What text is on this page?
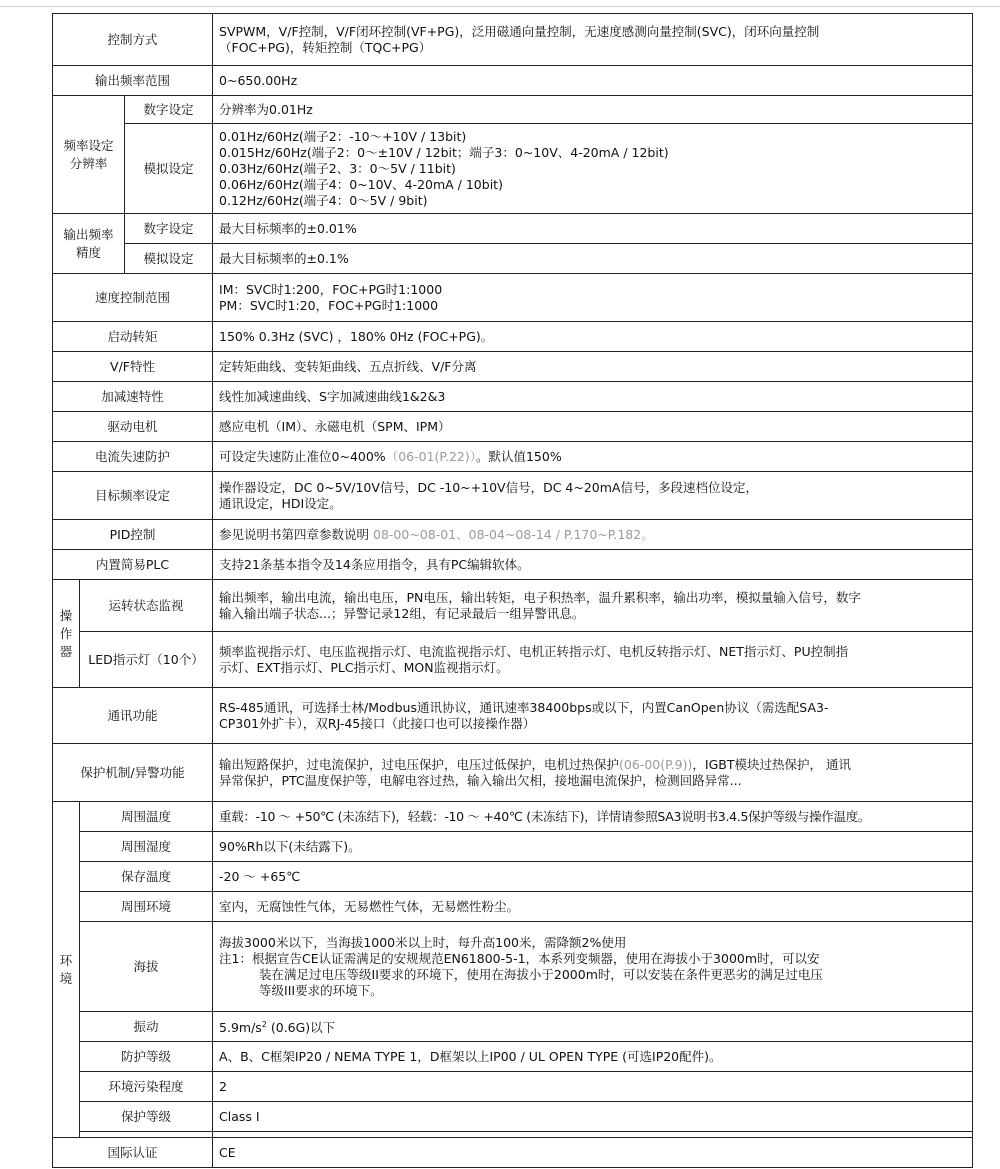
控制方式			SVPWM，V/F控制，V/F闭环控制(VF+PG)，泛用磁通向量控制，无速度感测向量控制(SVC)，闭环向量控制
（FOC+PG)，转矩控制（TQC+PG）

输出频率范围			0~650.00Hz
频率设定分辨率		数字设定	分辨率为0.01Hz
		模拟设定	0.01Hz/60Hz(端子2：-10～+10V / 13bit)
0.015Hz/60Hz(端子2：0～±10V / 12bit；端子3：0~10V、4-20mA / 12bit)
0.03Hz/60Hz(端子2、3：0～5V / 11bit)
0.06Hz/60Hz(端子4：0~10V、4-20mA / 10bit)
0.12Hz/60Hz(端子4：0～5V / 9bit)

输出频率精度		数字设定	最大目标频率的±0.01%
		模拟设定	最大目标频率的±0.1%
速度控制范围			IM：SVC时1:200，FOC+PG时1:1000
PM：SVC时1:20，FOC+PG时1:1000

启动转矩			150% 0.3Hz (SVC) ，180% 0Hz (FOC+PG)。
V/F特性			定转矩曲线、变转矩曲线、五点折线、V/F分离
加减速特性			线性加减速曲线、S字加减速曲线1&2&3
驱动电机			感应电机（IM）、永磁电机（SPM、IPM）
电流失速防护			可设定失速防止准位0~400%（06-01(P.22)）。默认值150%
目标频率设定			操作器设定，DC 0~5V/10V信号，DC -10~+10V信号，DC 4~20mA信号，多段速档位设定，
通讯设定，HDI设定。

PID控制			参见说明书第四章参数说明 08-00~08-01、08-04~08-14 / P.170~P.182。
内置简易PLC			支持21条基本指令及14条应用指令，具有PC编辑软体。
操作器	运转状态监视		输出频率，输出电流，输出电压，PN电压，输出转矩，电子积热率，温升累积率，输出功率，模拟量输入信号，数字
输入输出端子状态...；异警记录12组，有记录最后一组异警讯息。

	LED指示灯（10个）		频率监视指示灯、电压监视指示灯、电流监视指示灯、电机正转指示灯、电机反转指示灯、NET指示灯、PU控制指
示灯、EXT指示灯、PLC指示灯、MON监视指示灯。

通讯功能			RS-485通讯，可选择士林/Modbus通讯协议，通讯速率38400bps或以下，内置CanOpen协议（需选配SA3-
CP301外扩卡），双RJ-45接口（此接口也可以接操作器）

保护机制/异警功能			输出短路保护，过电流保护，过电压保护，电压过低保护，电机过热保护(06-00(P.9))，IGBT模块过热保护， 通讯
异常保护，PTC温度保护等，电解电容过热，输入输出欠相，接地漏电流保护，检测回路异常...

环境	周围温度		重载：-10 ～ +50℃ (未冻结下)，轻载：-10 ～ +40℃ (未冻结下)，详情请参照SA3说明书3.4.5保护等级与操作温度。
	周围湿度		90%Rh以下(未结露下)。
	保存温度		-20 ～ +65℃
	周围环境		室内，无腐蚀性气体，无易燃性气体，无易燃性粉尘。
	海拔		海拔3000米以下，当海拔1000米以上时，每升高100米，需降额2%使用
注1：根据宣告CE认证需满足的安规规范EN61800-5-1，本系列变频器，使用在海拔小于3000m时，可以安
装在满足过电压等级II要求的环境下，使用在海拔小于2000m时，可以安装在条件更恶劣的满足过电压
等级III要求的环境下。

	振动		$5.9m/s^2$ (0.6G)以下
	防护等级		A、B、C框架IP20 / NEMA TYPE 1，D框架以上IP00 / UL OPEN TYPE (可选IP20配件)。
	环境污染程度		2
	保护等级		Class I

国际认证			CE
